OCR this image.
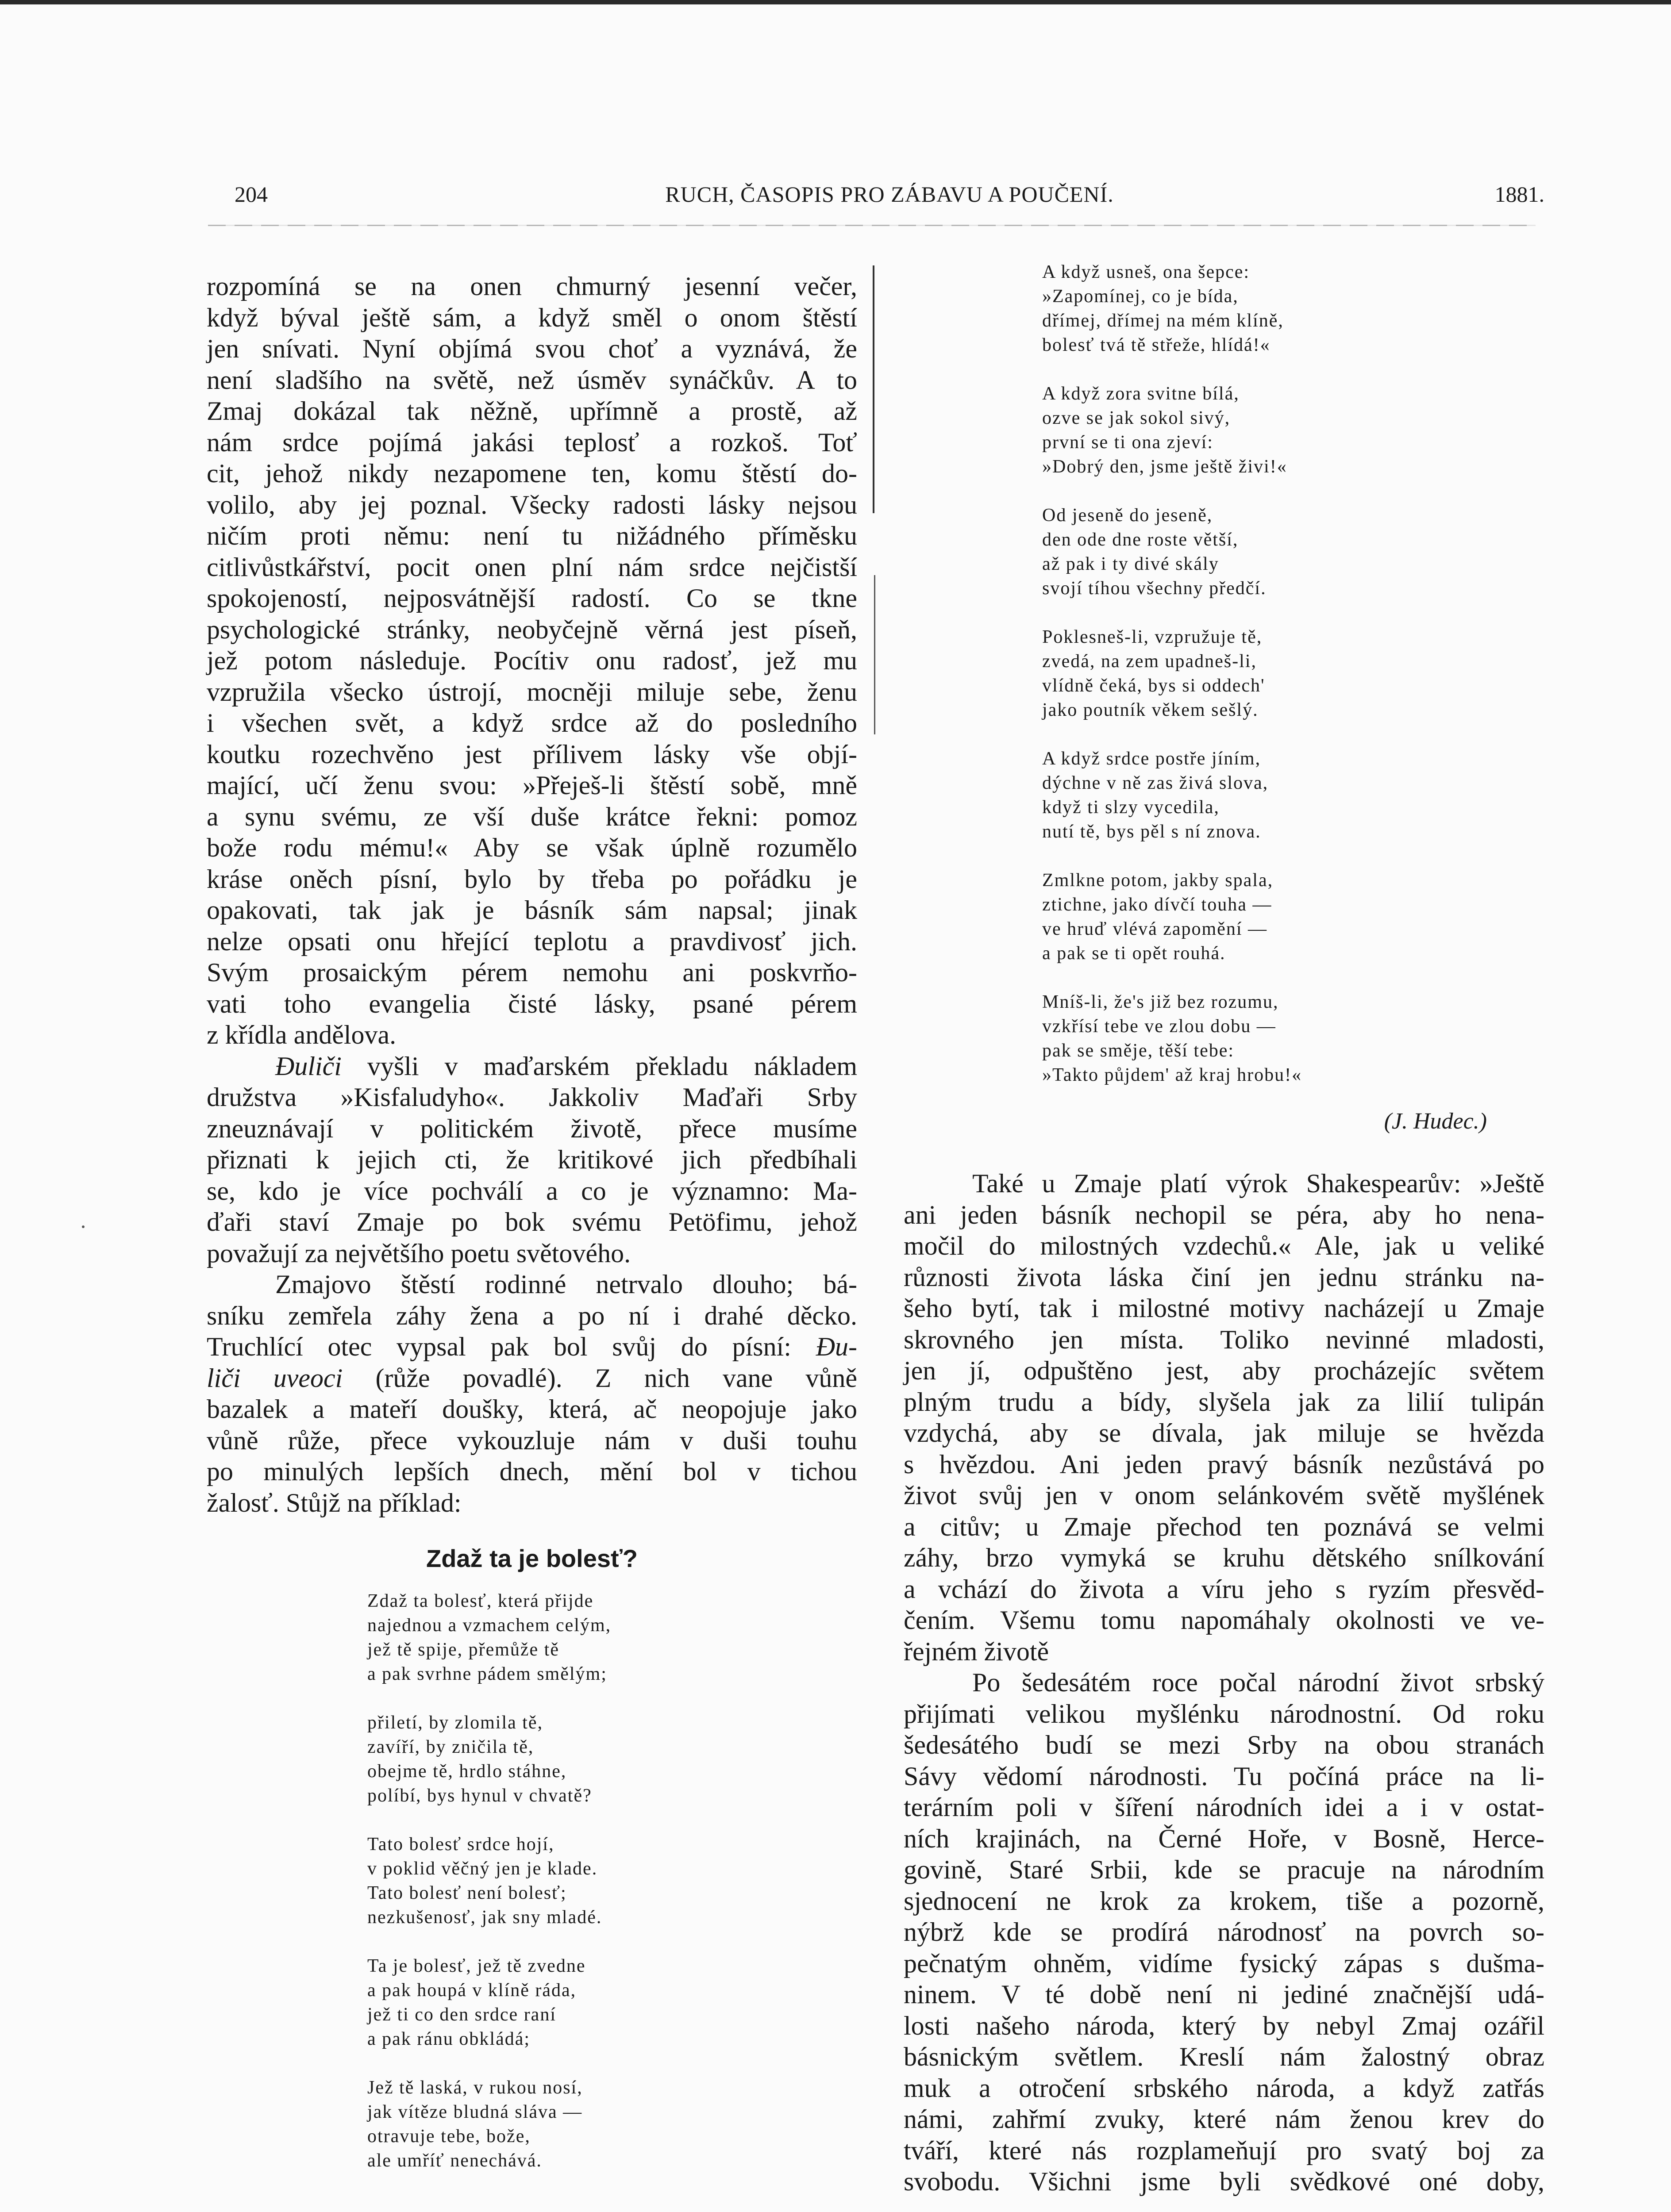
204	RUCH, ČASOPIS PRO ZÁBAVU A POUČENÍ.	1881.
rozpomíná se na onen chmurný jesenní večer,
když býval ještě sám, a když směl o onom štěstí
jen snívati. Nyní objímá svou choť a vyznává, že
není sladšího na světě, než úsměv synáčkův. A to
Zmaj dokázal tak něžně, upřímně a prostě, až
nám srdce pojímá jakási teplosť a rozkoš. Toť
cit, jehož nikdy nezapomene ten, komu štěstí do-
volilo, aby jej poznal. Všecky radosti lásky nejsou
ničím proti němu: není tu nižádného příměsku
citlivůstkářství, pocit onen plní nám srdce nejčistší
spokojeností, nejposvátnější radostí. Co se tkne
psychologické stránky, neobyčejně věrná jest píseň,
jež potom následuje. Pocítiv onu radosť, jež mu
vzpružila všecko ústrojí, mocněji miluje sebe, ženu
i všechen svět, a když srdce až do posledního
koutku rozechvěno jest přílivem lásky vše objí-
mající, učí ženu svou: »Přeješ-li štěstí sobě, mně
a synu svému, ze vší duše krátce řekni: pomoz
bože rodu mému!« Aby se však úplně rozumělo
kráse oněch písní, bylo by třeba po pořádku je
opakovati, tak jak je básník sám napsal; jinak
nelze opsati onu hřející teplotu a pravdivosť jich.
Svým prosaickým pérem nemohu ani poskvrňo-
vati toho evangelia čisté lásky, psané pérem
z křídla andělova.
Đuliči vyšli v maďarském překladu nákladem
družstva »Kisfaludyho«. Jakkoliv Maďaři Srby
zneuznávají v politickém životě, přece musíme
přiznati k jejich cti, že kritikové jich předbíhali
se, kdo je více pochválí a co je významno: Ma-
ďaři staví Zmaje po bok svému Petöfimu, jehož
považují za největšího poetu světového.
Zmajovo štěstí rodinné netrvalo dlouho; bá-
sníku zemřela záhy žena a po ní i drahé děcko.
Truchlící otec vypsal pak bol svůj do písní: Đu-
liči uveoci (růže povadlé). Z nich vane vůně
bazalek a mateří doušky, která, ač neopojuje jako
vůně růže, přece vykouzluje nám v duši touhu
po minulých lepších dnech, mění bol v tichou
žalosť. Stůjž na příklad:
Zdaž ta je bolesť?
Zdaž ta bolesť, která přijde
najednou a vzmachem celým,
jež tě spije, přemůže tě
a pak svrhne pádem smělým;
přiletí, by zlomila tě,
zavíří, by zničila tě,
obejme tě, hrdlo stáhne,
políbí, bys hynul v chvatě?
Tato bolesť srdce hojí,
v poklid věčný jen je klade.
Tato bolesť není bolesť;
nezkušenosť, jak sny mladé.
Ta je bolesť, jež tě zvedne
a pak houpá v klíně ráda,
jež ti co den srdce raní
a pak ránu obkládá;
Jež tě laská, v rukou nosí,
jak vítěze bludná sláva —
otravuje tebe, bože,
ale umříť nenechává.
A když usneš, ona šepce:
»Zapomínej, co je bída,
dřímej, dřímej na mém klíně,
bolesť tvá tě střeže, hlídá!«
A když zora svitne bílá,
ozve se jak sokol sivý,
první se ti ona zjeví:
»Dobrý den, jsme ještě živi!«
Od jeseně do jeseně,
den ode dne roste větší,
až pak i ty divé skály
svojí tíhou všechny předčí.
Poklesneš-li, vzpružuje tě,
zvedá, na zem upadneš-li,
vlídně čeká, bys si oddech'
jako poutník věkem sešlý.
A když srdce postře jíním,
dýchne v ně zas živá slova,
když ti slzy vycedila,
nutí tě, bys pěl s ní znova.
Zmlkne potom, jakby spala,
ztichne, jako dívčí touha —
ve hruď vlévá zapomění —
a pak se ti opět rouhá.
Mníš-li, že's již bez rozumu,
vzkřísí tebe ve zlou dobu —
pak se směje, těší tebe:
»Takto půjdem' až kraj hrobu!«
(J. Hudec.)
Také u Zmaje platí výrok Shakespearův: »Ještě
ani jeden básník nechopil se péra, aby ho nena-
močil do milostných vzdechů.« Ale, jak u veliké
různosti života láska činí jen jednu stránku na-
šeho bytí, tak i milostné motivy nacházejí u Zmaje
skrovného jen místa. Toliko nevinné mladosti,
jen jí, odpuštěno jest, aby procházejíc světem
plným trudu a bídy, slyšela jak za lilií tulipán
vzdychá, aby se dívala, jak miluje se hvězda
s hvězdou. Ani jeden pravý básník nezůstává po
život svůj jen v onom selánkovém světě myšlének
a citův; u Zmaje přechod ten poznává se velmi
záhy, brzo vymyká se kruhu dětského snílkování
a vchází do života a víru jeho s ryzím přesvěd-
čením. Všemu tomu napomáhaly okolnosti ve ve-
řejném životě
Po šedesátém roce počal národní život srbský
přijímati velikou myšlénku národnostní. Od roku
šedesátého budí se mezi Srby na obou stranách
Sávy vědomí národnosti. Tu počíná práce na li-
terárním poli v šíření národních idei a i v ostat-
ních krajinách, na Černé Hoře, v Bosně, Herce-
govině, Staré Srbii, kde se pracuje na národním
sjednocení ne krok za krokem, tiše a pozorně,
nýbrž kde se prodírá národnosť na povrch so-
pečnatým ohněm, vidíme fysický zápas s dušma-
ninem. V té době není ni jediné značnější udá-
losti našeho národa, který by nebyl Zmaj ozářil
básnickým světlem. Kreslí nám žalostný obraz
muk a otročení srbského národa, a když zatřás
námi, zahřmí zvuky, které nám ženou krev do
tváří, které nás rozplameňují pro svatý boj za
svobodu. Všichni jsme byli svědkové oné doby,
